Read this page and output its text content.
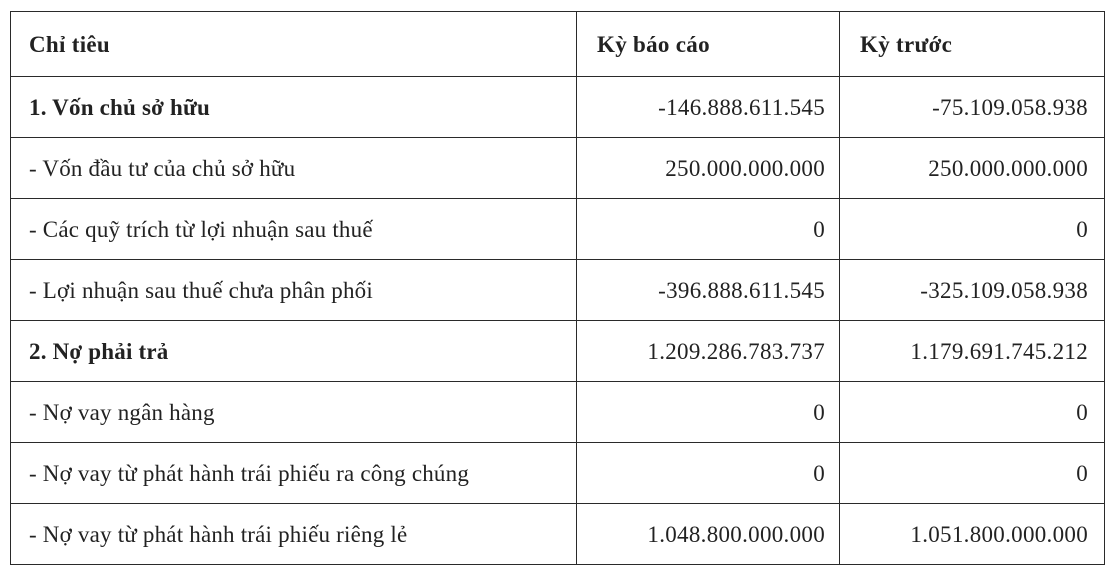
Chỉ tiêu	Kỳ báo cáo	Kỳ trước
1. Vốn chủ sở hữu	-146.888.611.545	-75.109.058.938
- Vốn đầu tư của chủ sở hữu	250.000.000.000	250.000.000.000
- Các quỹ trích từ lợi nhuận sau thuế	0	0
- Lợi nhuận sau thuế chưa phân phối	-396.888.611.545	-325.109.058.938
2. Nợ phải trả	1.209.286.783.737	1.179.691.745.212
- Nợ vay ngân hàng	0	0
- Nợ vay từ phát hành trái phiếu ra công chúng	0	0
- Nợ vay từ phát hành trái phiếu riêng lẻ	1.048.800.000.000	1.051.800.000.000
